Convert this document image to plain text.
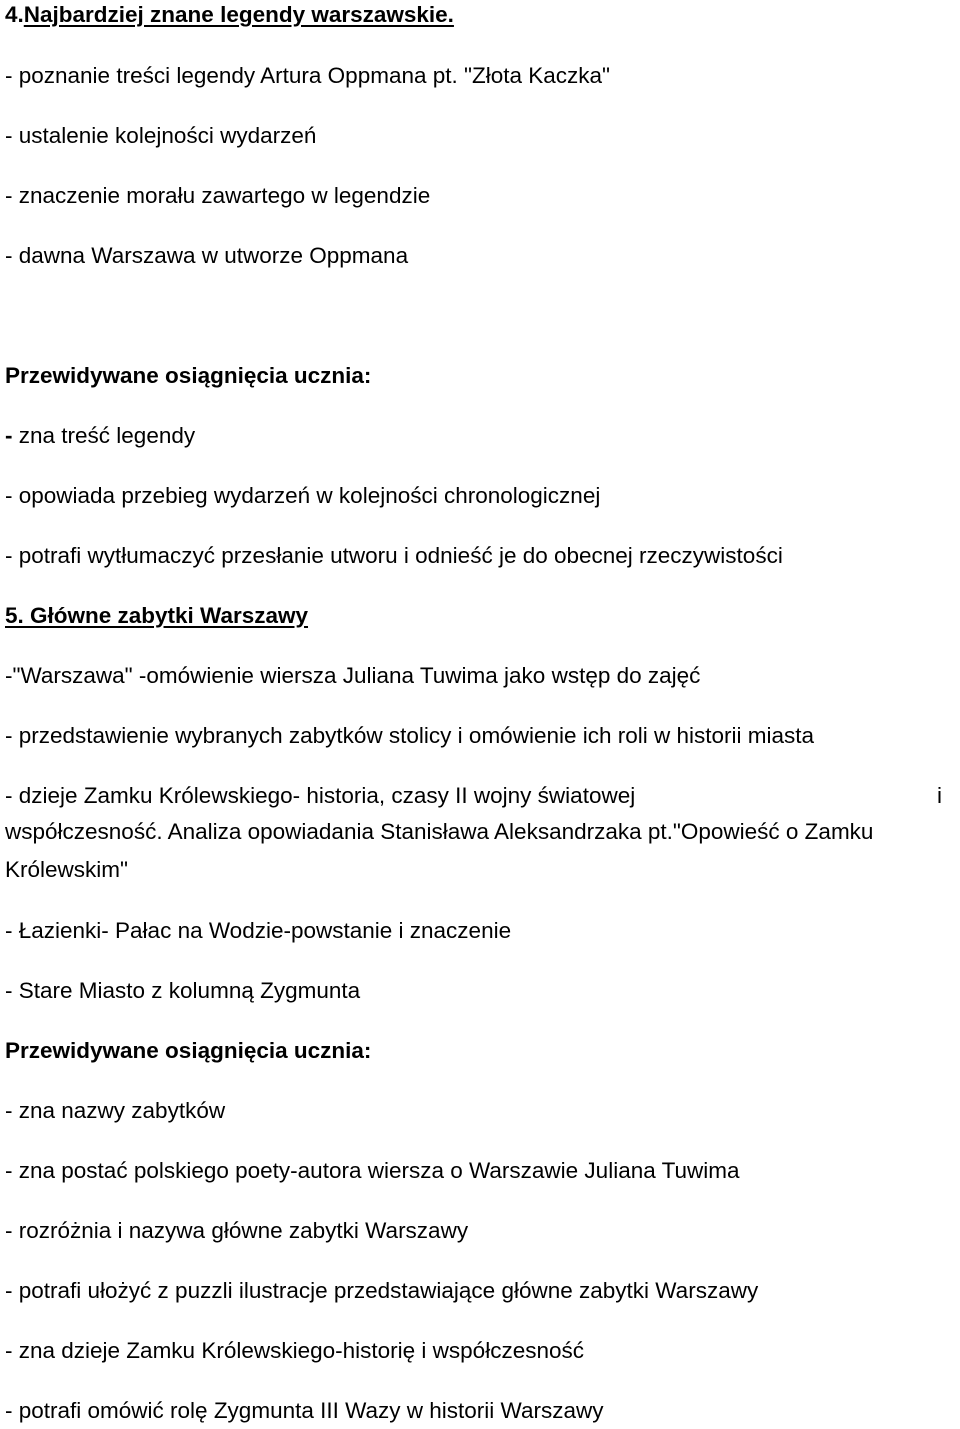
4.Najbardziej znane legendy warszawskie.

- poznanie treści legendy Artura Oppmana pt. "Złota Kaczka"

- ustalenie kolejności wydarzeń

- znaczenie morału zawartego w legendzie

- dawna Warszawa w utworze Oppmana

Przewidywane osiągnięcia ucznia:

- zna treść legendy

- opowiada przebieg wydarzeń w kolejności chronologicznej

- potrafi wytłumaczyć przesłanie utworu i odnieść je do obecnej rzeczywistości

5. Główne zabytki Warszawy

-"Warszawa" -omówienie wiersza Juliana Tuwima jako wstęp do zajęć

- przedstawienie wybranych zabytków stolicy i omówienie ich roli w historii miasta

- dzieje Zamku Królewskiego- historia, czasy II wojny światowej	i

współczesność. Analiza opowiadania Stanisława Aleksandrzaka pt."Opowieść o Zamku

Królewskim"

- Łazienki- Pałac na Wodzie-powstanie i znaczenie

- Stare Miasto z kolumną Zygmunta

Przewidywane osiągnięcia ucznia:

- zna nazwy zabytków

- zna postać polskiego poety-autora wiersza o Warszawie Juliana Tuwima

- rozróżnia i nazywa główne zabytki Warszawy

- potrafi ułożyć z puzzli ilustracje przedstawiające główne zabytki Warszawy

- zna dzieje Zamku Królewskiego-historię i współczesność

- potrafi omówić rolę Zygmunta III Wazy w historii Warszawy
